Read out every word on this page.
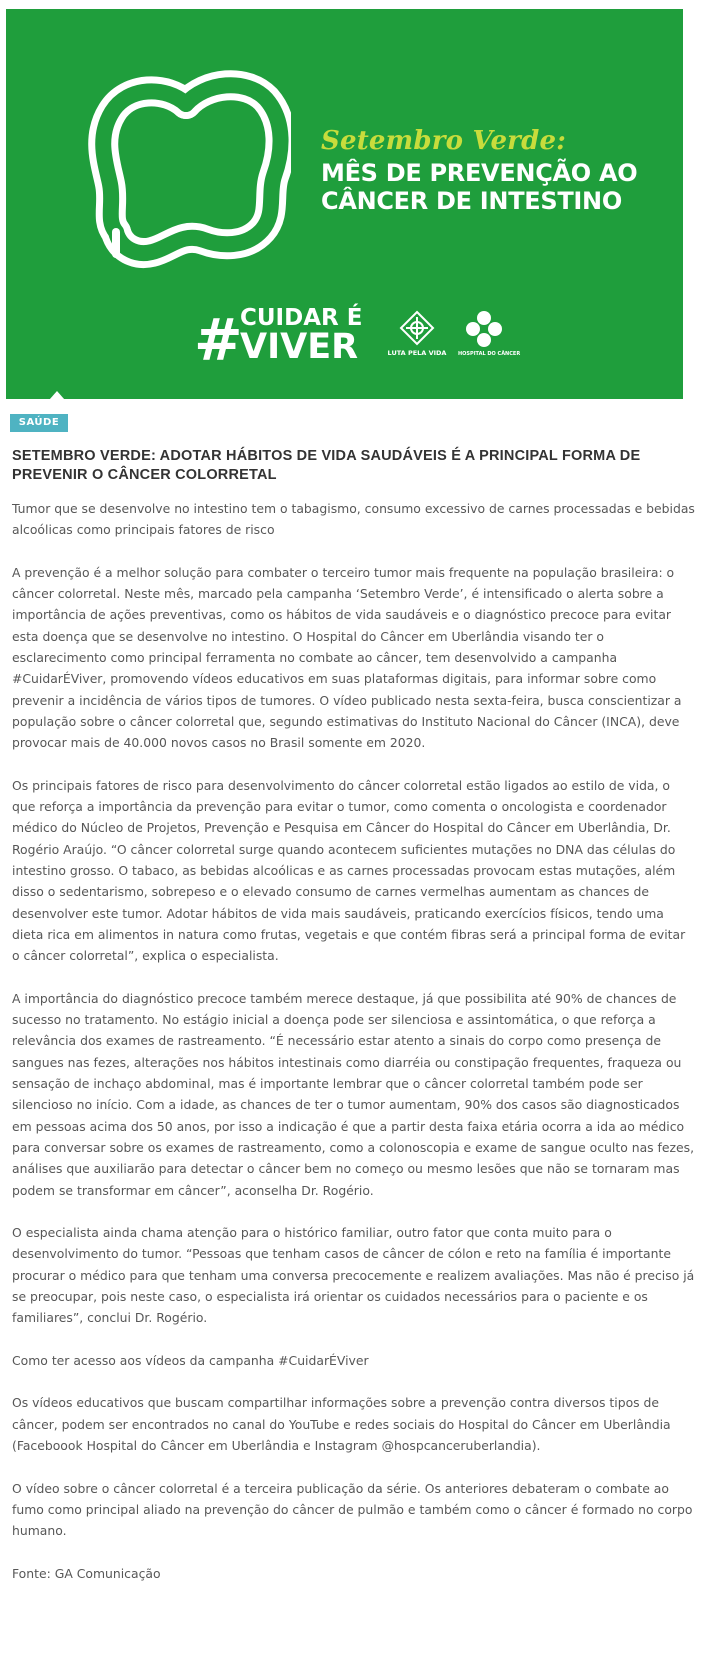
Setembro Verde:
MÊS DE PREVENÇÃO AO
CÂNCER DE INTESTINO
#
CUIDAR É
VIVER	LUTA PELA VIDA	HOSPITAL DO CÂNCER
SAÚDE
SETEMBRO VERDE: ADOTAR HÁBITOS DE VIDA SAUDÁVEIS É A PRINCIPAL FORMA DE PREVENIR O CÂNCER COLORRETAL

Tumor que se desenvolve no intestino tem o tabagismo, consumo excessivo de carnes processadas e bebidas alcoólicas como principais fatores de risco

A prevenção é a melhor solução para combater o terceiro tumor mais frequente na população brasileira: o câncer colorretal. Neste mês, marcado pela campanha ‘Setembro Verde’, é intensificado o alerta sobre a importância de ações preventivas, como os hábitos de vida saudáveis e o diagnóstico precoce para evitar esta doença que se desenvolve no intestino. O Hospital do Câncer em Uberlândia visando ter o esclarecimento como principal ferramenta no combate ao câncer, tem desenvolvido a campanha #CuidarÉViver, promovendo vídeos educativos em suas plataformas digitais, para informar sobre como prevenir a incidência de vários tipos de tumores. O vídeo publicado nesta sexta-feira, busca conscientizar a população sobre o câncer colorretal que, segundo estimativas do Instituto Nacional do Câncer (INCA), deve provocar mais de 40.000 novos casos no Brasil somente em 2020.

Os principais fatores de risco para desenvolvimento do câncer colorretal estão ligados ao estilo de vida, o que reforça a importância da prevenção para evitar o tumor, como comenta o oncologista e coordenador médico do Núcleo de Projetos, Prevenção e Pesquisa em Câncer do Hospital do Câncer em Uberlândia, Dr. Rogério Araújo. “O câncer colorretal surge quando acontecem suficientes mutações no DNA das células do intestino grosso. O tabaco, as bebidas alcoólicas e as carnes processadas provocam estas mutações, além disso o sedentarismo, sobrepeso e o elevado consumo de carnes vermelhas aumentam as chances de desenvolver este tumor. Adotar hábitos de vida mais saudáveis, praticando exercícios físicos, tendo uma dieta rica em alimentos in natura como frutas, vegetais e que contém fibras será a principal forma de evitar o câncer colorretal”, explica o especialista.

A importância do diagnóstico precoce também merece destaque, já que possibilita até 90% de chances de sucesso no tratamento. No estágio inicial a doença pode ser silenciosa e assintomática, o que reforça a relevância dos exames de rastreamento. “É necessário estar atento a sinais do corpo como presença de sangues nas fezes, alterações nos hábitos intestinais como diarréia ou constipação frequentes, fraqueza ou sensação de inchaço abdominal, mas é importante lembrar que o câncer colorretal também pode ser silencioso no início. Com a idade, as chances de ter o tumor aumentam, 90% dos casos são diagnosticados em pessoas acima dos 50 anos, por isso a indicação é que a partir desta faixa etária ocorra a ida ao médico para conversar sobre os exames de rastreamento, como a colonoscopia e exame de sangue oculto nas fezes, análises que auxiliarão para detectar o câncer bem no começo ou mesmo lesões que não se tornaram mas podem se transformar em câncer”, aconselha Dr. Rogério.

O especialista ainda chama atenção para o histórico familiar, outro fator que conta muito para o desenvolvimento do tumor. “Pessoas que tenham casos de câncer de cólon e reto na família é importante procurar o médico para que tenham uma conversa precocemente e realizem avaliações. Mas não é preciso já se preocupar, pois neste caso, o especialista irá orientar os cuidados necessários para o paciente e os familiares”, conclui Dr. Rogério.

Como ter acesso aos vídeos da campanha #CuidarÉViver

Os vídeos educativos que buscam compartilhar informações sobre a prevenção contra diversos tipos de câncer, podem ser encontrados no canal do YouTube e redes sociais do Hospital do Câncer em Uberlândia (Faceboook Hospital do Câncer em Uberlândia e Instagram @hospcanceruberlandia).

O vídeo sobre o câncer colorretal é a terceira publicação da série. Os anteriores debateram o combate ao fumo como principal aliado na prevenção do câncer de pulmão e também como o câncer é formado no corpo humano.

Fonte: GA Comunicação
